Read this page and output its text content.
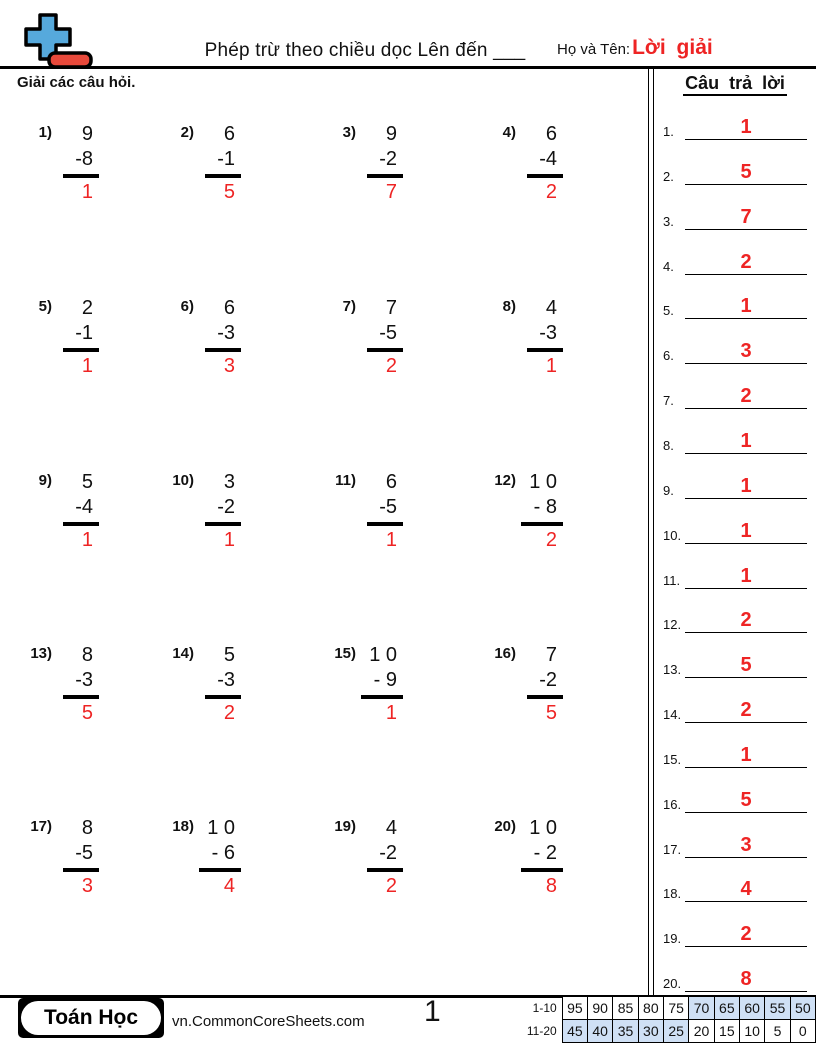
Phép trừ theo chiều dọc Lên đến ___	Họ và Tên: Lời giải
Giải các câu hỏi.
1)	9
-8
1
2)	6
-1
5
3)	9
-2
7
4)	6
-4
2
5)	2
-1
1
6)	6
-3
3
7)	7
-5
2
8)	4
-3
1
9)	5
-4
1
10)	3
-2
1
11)	6
-5
1
12) 1 0
- 8
2
13)	8
-3
5
14)	5
-3
2
15) 1 0
- 9
1
16)	7
-2
5
17)	8
-5
3
18) 1 0
- 6
4
19)	4
-2
2
20) 1 0
- 2
8
Câu trả lời
1.	1
2.	5
3.	7
4.	2
5.	1
6.	3
7.	2
8.	1
9.	1
10.	1
11.	1
12.	2
13.	5
14.	2
15.	1
16.	5
17.	3
18.	4
19.	2
20.	8
Toán Học	vn.CommonCoreSheets.com 1	1-10	95	90	85	80	75	70	65	60	55	50
11-20	45	40	35	30	25	20	15	10	5	0
